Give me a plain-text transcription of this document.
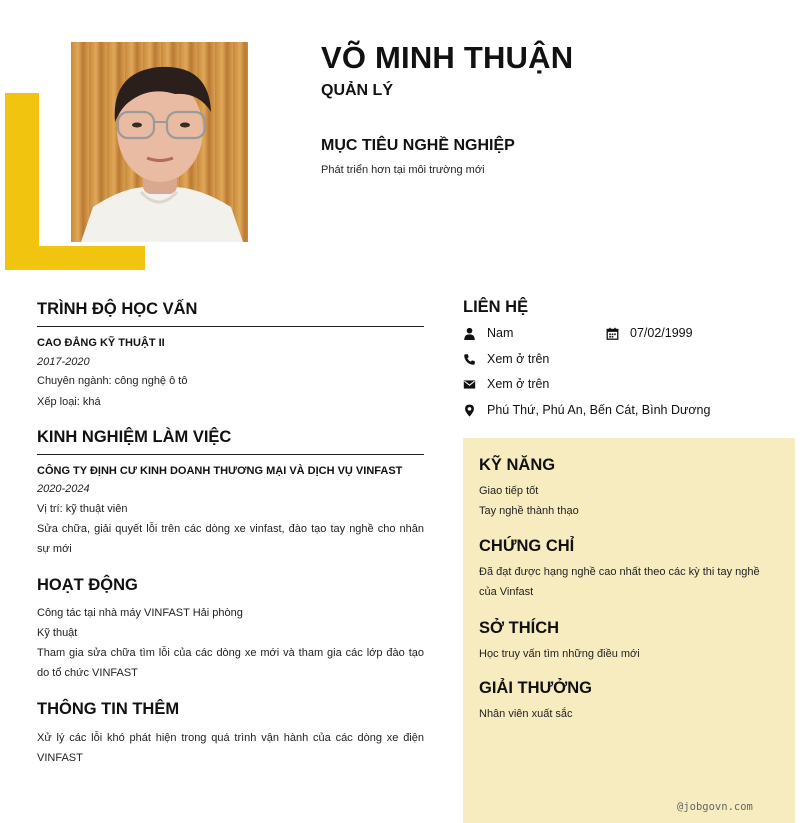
VÕ MINH THUẬN
QUẢN LÝ
MỤC TIÊU NGHỀ NGHIỆP
Phát triển hơn tại môi trường mới
TRÌNH ĐỘ HỌC VẤN
CAO ĐẲNG KỸ THUẬT II
2017-2020
Chuyên ngành: công nghệ ô tô
Xếp loại: khá
KINH NGHIỆM LÀM VIỆC
CÔNG TY ĐỊNH CƯ KINH DOANH THƯƠNG MẠI VÀ DỊCH VỤ VINFAST
2020-2024
Vị trí: kỹ thuật viên
Sửa chữa, giải quyết lỗi trên các dòng xe vinfast, đào tạo tay nghề cho nhân sự mới
HOẠT ĐỘNG
Công tác tại nhà máy VINFAST Hải phòng
Kỹ thuật
Tham gia sửa chữa tìm lỗi của các dòng xe mới và tham gia các lớp đào tạo do tổ chức VINFAST
THÔNG TIN THÊM
Xử lý các lỗi khó phát hiện trong quá trình vận hành của các dòng xe điện VINFAST
LIÊN HỆ
Nam	07/02/1999
Xem ở trên
Xem ở trên
Phú Thứ, Phú An, Bến Cát, Bình Dương
KỸ NĂNG
Giao tiếp tốt
Tay nghề thành thạo
CHỨNG CHỈ
Đã đạt được hạng nghề cao nhất theo các kỳ thi tay nghề của Vinfast
SỞ THÍCH
Học truy vấn tìm những điều mới
GIẢI THƯỞNG
Nhân viên xuất sắc
@jobgovn.com
